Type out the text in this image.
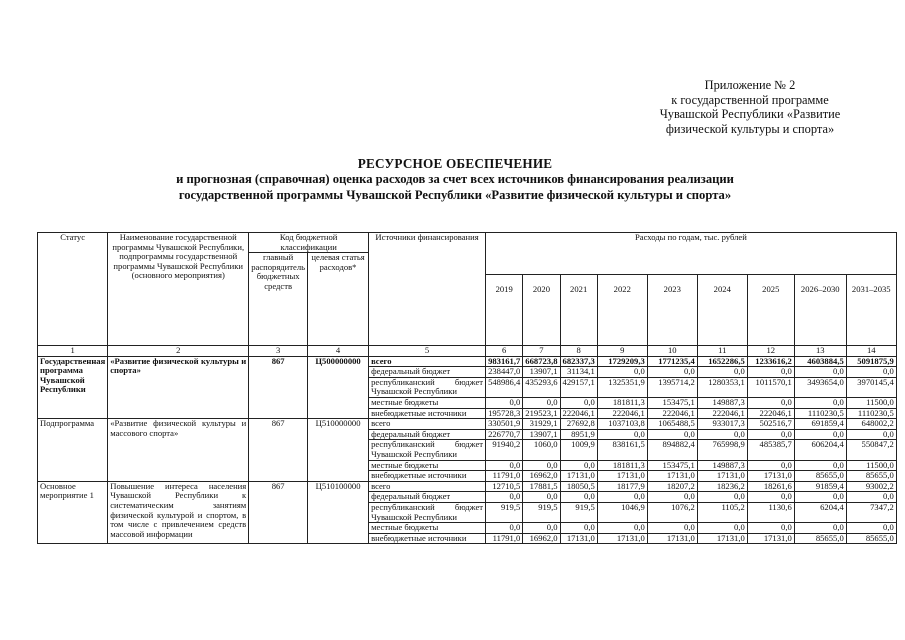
Приложение № 2
к государственной программе
Чувашской Республики «Развитие
физической культуры и спорта»
РЕСУРСНОЕ ОБЕСПЕЧЕНИЕ
и прогнозная (справочная) оценка расходов за счет всех источников финансирования реализации
государственной программы Чувашской Республики «Развитие физической культуры и спорта»
Статус	Наименование государственной программы Чувашской Республики, подпрограммы государственной программы Чувашской Республики (основного мероприятия)	Код бюджетной классификации		Источники финансирования	Расходы по годам, тыс. рублей								
		главный распорядитель бюджетных средств	целевая статья расходов*										
					2019	2020	2021	2022	2023	2024	2025	2026–2030	2031–2035
1	2	3	4	5	6	7	8	9	10	11	12	13	14
Государственная программа Чувашской Республики	«Развитие физической культуры и спорта»	867	Ц500000000	всего	983161,7	668723,8	682337,3	1729209,3	1771235,4	1652286,5	1233616,2	4603884,5	5091875,9
				федеральный бюджет	238447,0	13907,1	31134,1	0,0	0,0	0,0	0,0	0,0	0,0
				республиканский бюджет Чувашской Республики	548986,4	435293,6	429157,1	1325351,9	1395714,2	1280353,1	1011570,1	3493654,0	3970145,4
				местные бюджеты	0,0	0,0	0,0	181811,3	153475,1	149887,3	0,0	0,0	11500,0
				внебюджетные источники	195728,3	219523,1	222046,1	222046,1	222046,1	222046,1	222046,1	1110230,5	1110230,5
Подпрограмма	«Развитие физической культуры и массового спорта»	867	Ц510000000	всего	330501,9	31929,1	27692,8	1037103,8	1065488,5	933017,3	502516,7	691859,4	648002,2
				федеральный бюджет	226770,7	13907,1	8951,9	0,0	0,0	0,0	0,0	0,0	0,0
				республиканский бюджет Чувашской Республики	91940,2	1060,0	1009,9	838161,5	894882,4	765998,9	485385,7	606204,4	550847,2
				местные бюджеты	0,0	0,0	0,0	181811,3	153475,1	149887,3	0,0	0,0	11500,0
				внебюджетные источники	11791,0	16962,0	17131,0	17131,0	17131,0	17131,0	17131,0	85655,0	85655,0
Основное мероприятие 1	Повышение интереса населения Чувашской Республики к систематическим занятиям физической культурой и спортом, в том числе с привлечением средств массовой информации	867	Ц510100000	всего	12710,5	17881,5	18050,5	18177,9	18207,2	18236,2	18261,6	91859,4	93002,2
				федеральный бюджет	0,0	0,0	0,0	0,0	0,0	0,0	0,0	0,0	0,0
				республиканский бюджет Чувашской Республики	919,5	919,5	919,5	1046,9	1076,2	1105,2	1130,6	6204,4	7347,2
				местные бюджеты	0,0	0,0	0,0	0,0	0,0	0,0	0,0	0,0	0,0
				внебюджетные источники	11791,0	16962,0	17131,0	17131,0	17131,0	17131,0	17131,0	85655,0	85655,0
